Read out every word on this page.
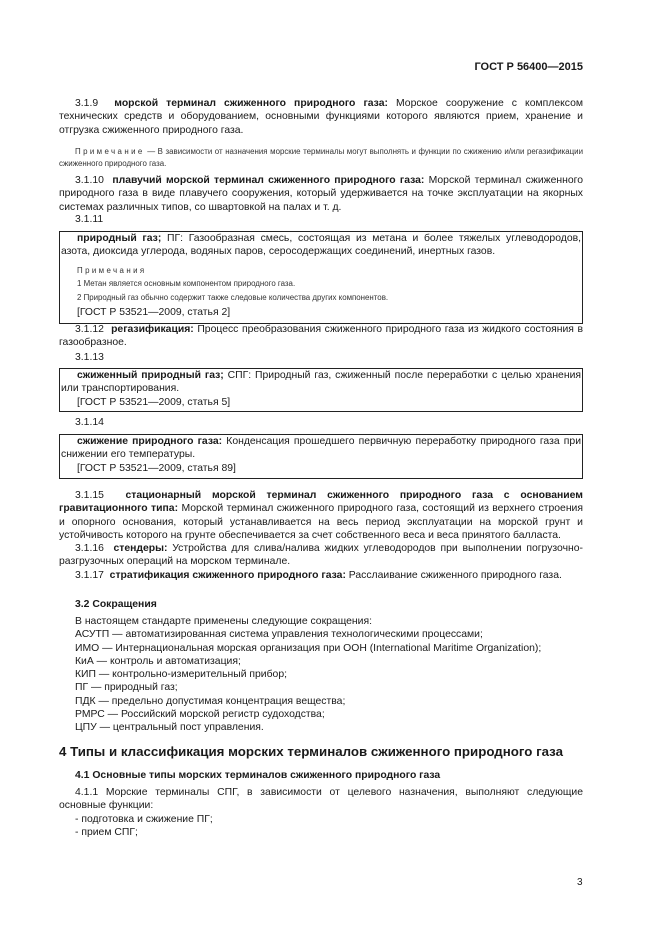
ГОСТ Р 56400—2015
3.1.9 морской терминал сжиженного природного газа: Морское сооружение с комплексом технических средств и оборудованием, основными функциями которого являются прием, хранение и отгрузка сжиженного природного газа.
Примечание — В зависимости от назначения морские терминалы могут выполнять и функции по сжижению и/или регазификации сжиженного природного газа.
3.1.10 плавучий морской терминал сжиженного природного газа: Морской терминал сжиженного природного газа в виде плавучего сооружения, который удерживается на точке эксплуатации на якорных системах различных типов, со швартовкой на палах и т. д.
3.1.11
природный газ; ПГ: Газообразная смесь, состоящая из метана и более тяжелых углеводородов, азота, диоксида углерода, водяных паров, серосодержащих соединений, инертных газов.
Примечания
1 Метан является основным компонентом природного газа.
2 Природный газ обычно содержит также следовые количества других компонентов.
[ГОСТ Р 53521—2009, статья 2]
3.1.12 регазификация: Процесс преобразования сжиженного природного газа из жидкого состояния в газообразное.
3.1.13
сжиженный природный газ; СПГ: Природный газ, сжиженный после переработки с целью хранения или транспортирования.
[ГОСТ Р 53521—2009, статья 5]
3.1.14
сжижение природного газа: Конденсация прошедшего первичную переработку природного газа при снижении его температуры.
[ГОСТ Р 53521—2009, статья 89]
3.1.15 стационарный морской терминал сжиженного природного газа с основанием гравитационного типа: Морской терминал сжиженного природного газа, состоящий из верхнего строения и опорного основания, который устанавливается на весь период эксплуатации на морской грунт и устойчивость которого на грунте обеспечивается за счет собственного веса и веса принятого балласта.
3.1.16 стендеры: Устройства для слива/налива жидких углеводородов при выполнении погрузочно-разгрузочных операций на морском терминале.
3.1.17 стратификация сжиженного природного газа: Расслаивание сжиженного природного газа.
3.2 Сокращения
В настоящем стандарте применены следующие сокращения:
АСУТП — автоматизированная система управления технологическими процессами;
ИМО — Интернациональная морская организация при ООН (International Maritime Organization);
КиА — контроль и автоматизация;
КИП — контрольно-измерительный прибор;
ПГ — природный газ;
ПДК — предельно допустимая концентрация вещества;
РМРС — Российский морской регистр судоходства;
ЦПУ — центральный пост управления.
4 Типы и классификация морских терминалов сжиженного природного газа
4.1 Основные типы морских терминалов сжиженного природного газа
4.1.1 Морские терминалы СПГ, в зависимости от целевого назначения, выполняют следующие основные функции:
- подготовка и сжижение ПГ;
- прием СПГ;
3
